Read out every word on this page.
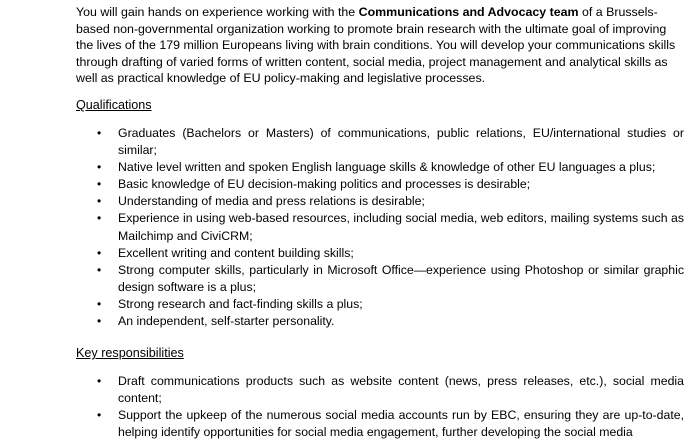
You will gain hands on experience working with the Communications and Advocacy team of a Brussels-based non-governmental organization working to promote brain research with the ultimate goal of improving the lives of the 179 million Europeans living with brain conditions. You will develop your communications skills through drafting of varied forms of written content, social media, project management and analytical skills as well as practical knowledge of EU policy-making and legislative processes.

Qualifications

• Graduates (Bachelors or Masters) of communications, public relations, EU/international studies or similar;
• Native level written and spoken English language skills & knowledge of other EU languages a plus;
• Basic knowledge of EU decision-making politics and processes is desirable;
• Understanding of media and press relations is desirable;
• Experience in using web-based resources, including social media, web editors, mailing systems such as Mailchimp and CiviCRM;
• Excellent writing and content building skills;
• Strong computer skills, particularly in Microsoft Office—experience using Photoshop or similar graphic design software is a plus;
• Strong research and fact-finding skills a plus;
• An independent, self-starter personality.

Key responsibilities

• Draft communications products such as website content (news, press releases, etc.), social media content;
• Support the upkeep of the numerous social media accounts run by EBC, ensuring they are up-to-date, helping identify opportunities for social media engagement, further developing the social media
